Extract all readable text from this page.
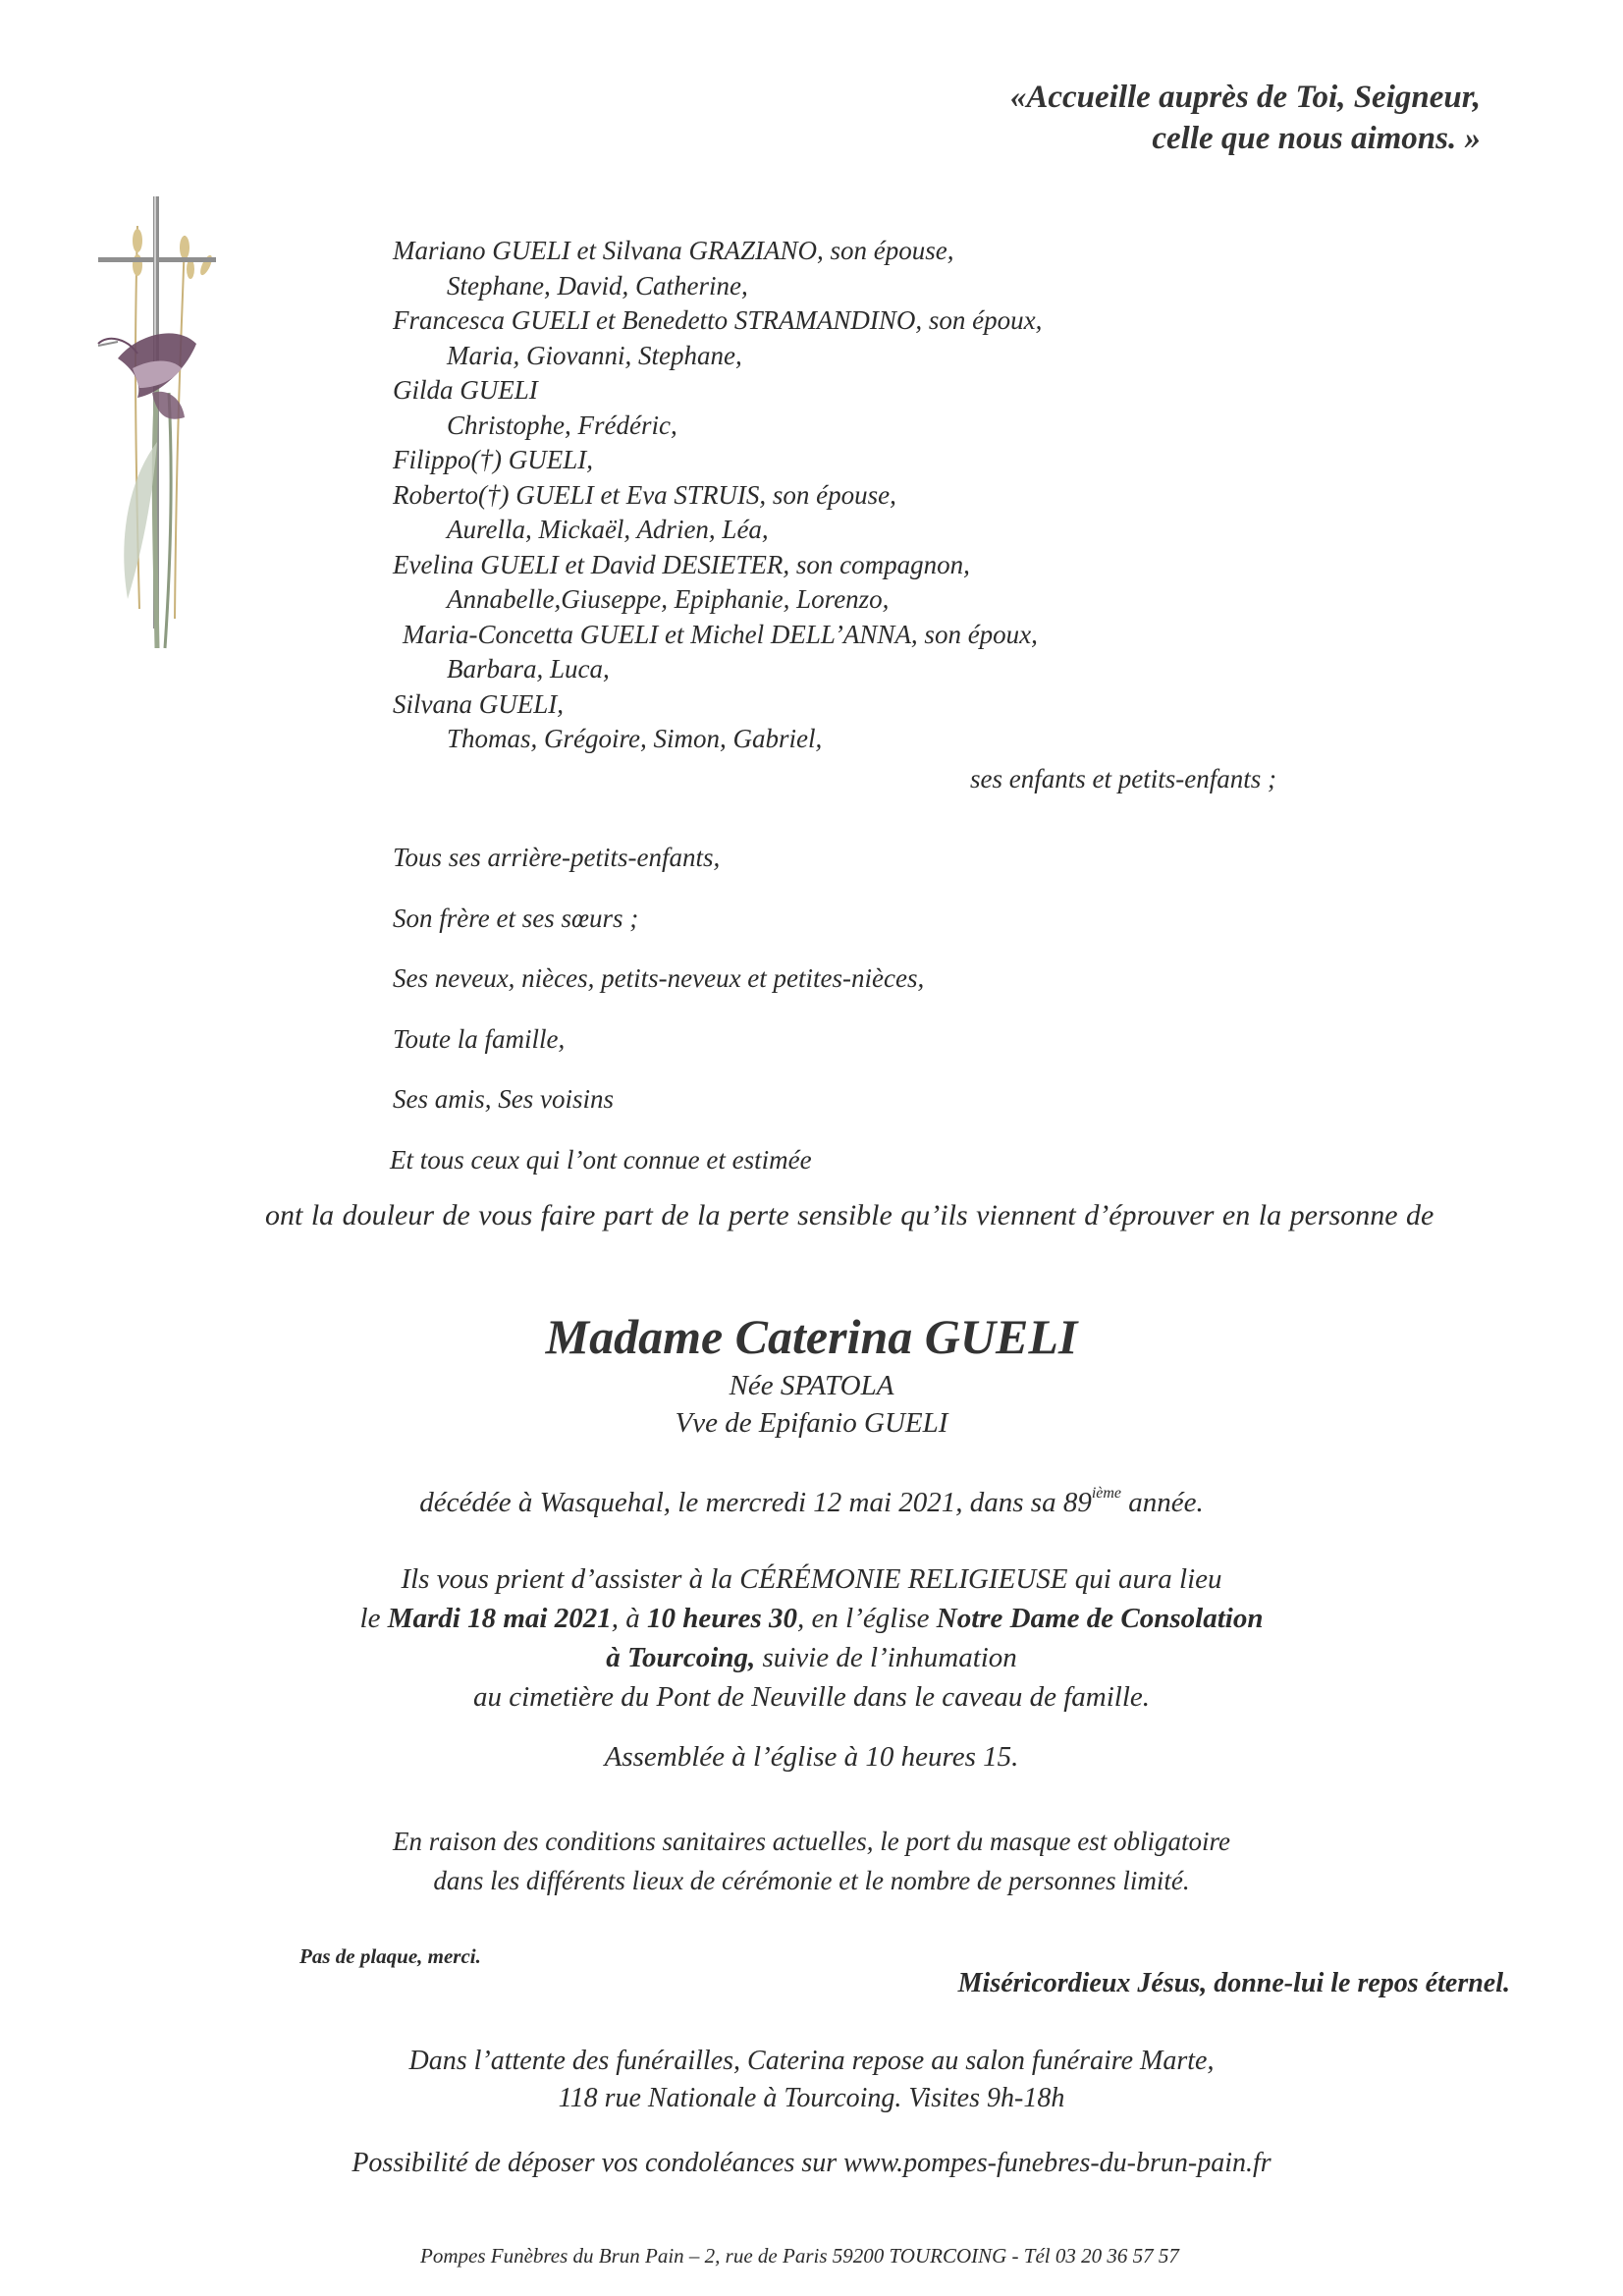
«Accueille auprès de Toi, Seigneur,
celle que nous aimons. »
Mariano GUELI et Silvana GRAZIANO, son épouse,
Stephane, David, Catherine,
Francesca GUELI et Benedetto STRAMANDINO, son époux,
Maria, Giovanni, Stephane,
Gilda GUELI
Christophe, Frédéric,
Filippo(†) GUELI,
Roberto(†) GUELI et Eva STRUIS, son épouse,
Aurella, Mickaël, Adrien, Léa,
Evelina GUELI et David DESIETER, son compagnon,
Annabelle,Giuseppe, Epiphanie, Lorenzo,
Maria-Concetta GUELI et Michel DELL’ANNA, son époux,
Barbara, Luca,
Silvana GUELI,
Thomas, Grégoire, Simon, Gabriel,
ses enfants et petits-enfants ;
Tous ses arrière-petits-enfants,
Son frère et ses sœurs ;
Ses neveux, nièces, petits-neveux et petites-nièces,
Toute la famille,
Ses amis, Ses voisins
Et tous ceux qui l’ont connue et estimée
ont la douleur de vous faire part de la perte sensible qu’ils viennent d’éprouver en la personne de
Madame Caterina GUELI
Née SPATOLA
Vve de Epifanio GUELI
décédée à Wasquehal, le mercredi 12 mai 2021, dans sa 89ième année.
Ils vous prient d’assister à la CÉRÉMONIE RELIGIEUSE qui aura lieu
le Mardi 18 mai 2021, à 10 heures 30, en l’église Notre Dame de Consolation
à Tourcoing, suivie de l’inhumation
au cimetière du Pont de Neuville dans le caveau de famille.
Assemblée à l’église à 10 heures 15.
En raison des conditions sanitaires actuelles, le port du masque est obligatoire
dans les différents lieux de cérémonie et le nombre de personnes limité.
Pas de plaque, merci.
Miséricordieux Jésus, donne-lui le repos éternel.
Dans l’attente des funérailles, Caterina repose au salon funéraire Marte,
118 rue Nationale à Tourcoing. Visites 9h-18h
Possibilité de déposer vos condoléances sur www.pompes-funebres-du-brun-pain.fr
Pompes Funèbres du Brun Pain – 2, rue de Paris 59200 TOURCOING - Tél 03 20 36 57 57
